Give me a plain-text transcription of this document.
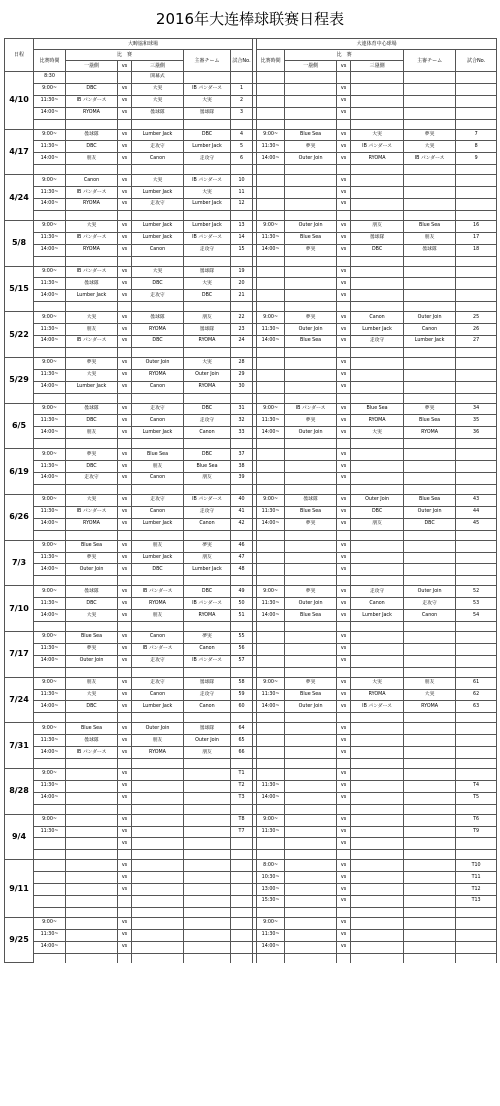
2016年大连棒球联赛日程表
日程	大畴協和球場							大連体育中心球場					
	比赛時間	比　赛			主審チーム	試合No.		比赛時間	比　赛			主審チーム	試合No.
		一塁側	vs	三塁側					一塁側	vs	三塁側		
4/10	8:30			開幕式									
	9:00~	DBC	vs	大実	IB パンダース	1				vs			
	11:30~	IB パンダース	vs	大実	大実	2				vs			
	14:00~	RYOMA	vs	曇球隊	曇球隊	3				vs			

4/17	9:00~	曇球隊	vs	Lumber Jack	DBC	4		9:00~	Blue Sea	vs	大実	夢実	7
	11:30~	DBC	vs	走攻守	Lumber Jack	5		11:30~	夢実	vs	IB パンダース	大実	8
	14:00~	朋友	vs	Canon	走攻守	6		14:00~	Outer Join	vs	RYOMA	IB パンダース	9

4/24	9:00~	Canon	vs	大実	IB パンダース	10				vs			
	11:30~	IB パンダース	vs	Lumber Jack	大実	11				vs			
	14:00~	RYOMA	vs	走攻守	Lumber Jack	12				vs			

5/8	9:00~	大実	vs	Lumber Jack	Lumber Jack	13		9:00~	Outer Join	vs	朋友	Blue Sea	16
	11:30~	IB パンダース	vs	Lumber Jack	IB パンダース	14		11:30~	Blue Sea	vs	曇球隊	朋友	17
	14:00~	RYOMA	vs	Canon	走攻守	15		14:00~	夢実	vs	DBC	曇球隊	18

5/15	9:00~	IB パンダース	vs	大実	曇球隊	19				vs			
	11:30~	曇球隊	vs	DBC	大実	20				vs			
	14:00~	Lumber Jack	vs	走攻守	DBC	21				vs			

5/22	9:00~	大実	vs	曇球隊	朋友	22		9:00~	夢実	vs	Canon	Outer Join	25
	11:30~	朋友	vs	RYOMA	曇球隊	23		11:30~	Outer Join	vs	Lumber Jack	Canon	26
	14:00~	IB パンダース	vs	DBC	RYOMA	24		14:00~	Blue Sea	vs	走攻守	Lumber Jack	27

5/29	9:00~	夢実	vs	Outer Join	大実	28				vs			
	11:30~	大実	vs	RYOMA	Outer Join	29				vs			
	14:00~	Lumber Jack	vs	Canon	RYOMA	30				vs			

6/5	9:00~	曇球隊	vs	走攻守	DBC	31		9:00~	IB パンダース	vs	Blue Sea	夢実	34
	11:30~	DBC	vs	Canon	走攻守	32		11:30~	夢実	vs	RYOMA	Blue Sea	35
	14:00~	朋友	vs	Lumber Jack	Canon	33		14:00~	Outer Join	vs	大実	RYOMA	36

6/19	9:00~	夢実	vs	Blue Sea	DBC	37				vs			
	11:30~	DBC	vs	朋友	Blue Sea	38				vs			
	14:00~	走攻守	vs	Canon	朋友	39				vs			

6/26	9:00~	大実	vs	走攻守	IB パンダース	40		9:00~	曇球隊	vs	Outer Join	Blue Sea	43
	11:30~	IB パンダース	vs	Canon	走攻守	41		11:30~	Blue Sea	vs	DBC	Outer Join	44
	14:00~	RYOMA	vs	Lumber Jack	Canon	42		14:00~	夢実	vs	朋友	DBC	45

7/3	9:00~	Blue Sea	vs	朋友	夢実	46				vs			
	11:30~	夢実	vs	Lumber Jack	朋友	47				vs			
	14:00~	Outer Join	vs	DBC	Lumber Jack	48				vs			

7/10	9:00~	曇球隊	vs	IB パンダース	DBC	49		9:00~	夢実	vs	走攻守	Outer Join	52
	11:30~	DBC	vs	RYOMA	IB パンダース	50		11:30~	Outer Join	vs	Canon	走攻守	53
	14:00~	大実	vs	朋友	RYOMA	51		14:00~	Blue Sea	vs	Lumber Jack	Canon	54

7/17	9:00~	Blue Sea	vs	Canon	夢実	55				vs			
	11:30~	夢実	vs	IB パンダース	Canon	56				vs			
	14:00~	Outer Join	vs	走攻守	IB パンダース	57				vs			

7/24	9:00~	朋友	vs	走攻守	曇球隊	58		9:00~	夢実	vs	大実	朋友	61
	11:30~	大実	vs	Canon	走攻守	59		11:30~	Blue Sea	vs	RYOMA	大実	62
	14:00~	DBC	vs	Lumber Jack	Canon	60		14:00~	Outer Join	vs	IB パンダース	RYOMA	63

7/31	9:00~	Blue Sea	vs	Outer Join	曇球隊	64				vs			
	11:30~	曇球隊	vs	朋友	Outer Join	65				vs			
	14:00~	IB パンダース	vs	RYOMA	朋友	66				vs			

8/28	9:00~		vs			T1				vs			
	11:30~		vs			T2		11:30~		vs			T4
	14:00~		vs			T3		14:00~		vs			T5

9/4	9:00~		vs			T8		9:00~		vs			T6
	11:30~		vs			T7		11:30~		vs			T9
			vs							vs			

9/11			vs					8:00~		vs			T10
			vs					10:30~		vs			T11
			vs					13:00~		vs			T12
								15:30~		vs			T13

9/25	9:00~		vs					9:00~		vs			
	11:30~		vs					11:30~		vs			
	14:00~		vs					14:00~		vs			
